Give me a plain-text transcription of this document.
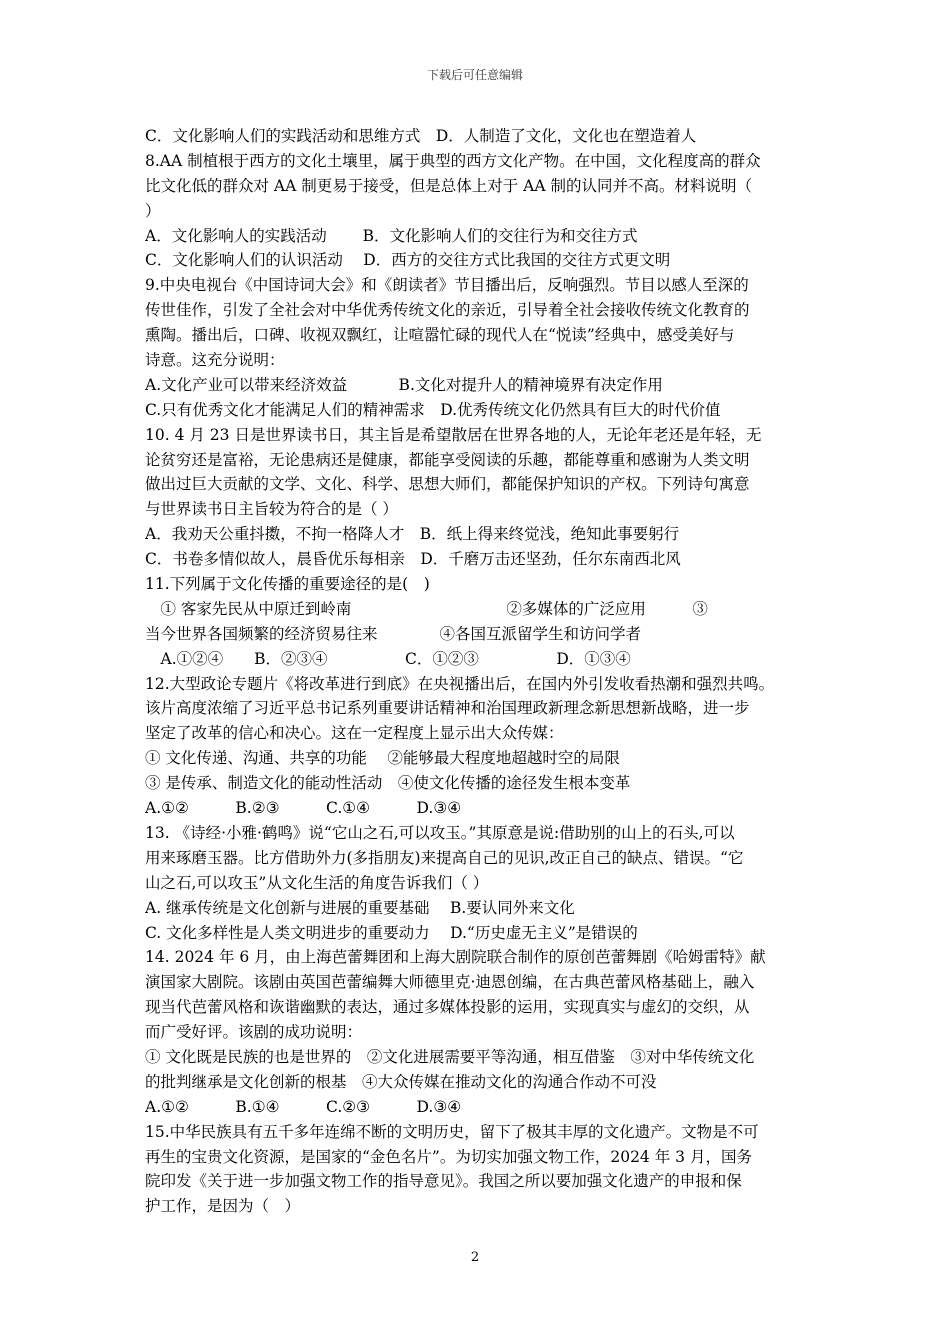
下载后可任意编辑
C．文化影响人们的实践活动和思维方式　D．人制造了文化，文化也在塑造着人
8.AA 制植根于西方的文化土壤里，属于典型的西方文化产物。在中国，文化程度高的群众
比文化低的群众对 AA 制更易于接受，但是总体上对于 AA 制的认同并不高。材料说明（
）
A．文化影响人的实践活动　　 B．文化影响人们的交往行为和交往方式
C．文化影响人们的认识活动　 D．西方的交往方式比我国的交往方式更文明
9.中央电视台《中国诗词大会》和《朗读者》节目播出后，反响强烈。节目以感人至深的
传世佳作，引发了全社会对中华优秀传统文化的亲近，引导着全社会接收传统文化教育的
熏陶。播出后，口碑、收视双飘红，让喧嚣忙碌的现代人在“悦读”经典中，感受美好与
诗意。这充分说明：
A.文化产业可以带来经济效益　　　 B.文化对提升人的精神境界有决定作用
C.只有优秀文化才能满足人们的精神需求　D.优秀传统文化仍然具有巨大的时代价值
10. 4 月 23 日是世界读书日，其主旨是希望散居在世界各地的人，无论年老还是年轻，无
论贫穷还是富裕，无论患病还是健康，都能享受阅读的乐趣，都能尊重和感谢为人类文明
做出过巨大贡献的文学、文化、科学、思想大师们，都能保护知识的产权。下列诗句寓意
与世界读书日主旨较为符合的是（ ）
A．我劝天公重抖擞，不拘一格降人才　B．纸上得来终觉浅，绝知此事要躬行
C．书卷多情似故人，晨昏优乐每相亲　D．千磨万击还坚劲，任尔东南西北风
11.下列属于文化传播的重要途径的是(　)
　① 客家先民从中原迁到岭南　　　　　　　　　　②多媒体的广泛应用　　　③
当今世界各国频繁的经济贸易往来　　　　④各国互派留学生和访问学者
　A.①②④　　B．②③④　　　　　C．①②③　　　　　D．①③④
12.大型政论专题片《将改革进行到底》在央视播出后，在国内外引发收看热潮和强烈共鸣。
该片高度浓缩了习近平总书记系列重要讲话精神和治国理政新理念新思想新战略，进一步
坚定了改革的信心和决心。这在一定程度上显示出大众传媒：
① 文化传递、沟通、共享的功能　 ②能够最大程度地超越时空的局限
③ 是传承、制造文化的能动性活动　④使文化传播的途径发生根本变革
A.①②　　　B.②③　　　C.①④　　　D.③④
13. 《诗经·小雅·鹤鸣》说“它山之石,可以攻玉。”其原意是说:借助别的山上的石头,可以
用来琢磨玉器。比方借助外力(多指朋友)来提高自己的见识,改正自己的缺点、错误。“它
山之石,可以攻玉”从文化生活的角度告诉我们（ ）
A. 继承传统是文化创新与进展的重要基础　 B.要认同外来文化
C. 文化多样性是人类文明进步的重要动力　 D.“历史虚无主义”是错误的
14. 2024 年 6 月，由上海芭蕾舞团和上海大剧院联合制作的原创芭蕾舞剧《哈姆雷特》献
演国家大剧院。该剧由英国芭蕾编舞大师德里克·迪恩创编，在古典芭蕾风格基础上，融入
现当代芭蕾风格和诙谐幽默的表达，通过多媒体投影的运用，实现真实与虚幻的交织，从
而广受好评。该剧的成功说明：
① 文化既是民族的也是世界的　②文化进展需要平等沟通，相互借鉴　③对中华传统文化
的批判继承是文化创新的根基　④大众传媒在推动文化的沟通合作动不可没
A.①②　　　B.①④　　　C.②③　　　D.③④
15.中华民族具有五千多年连绵不断的文明历史，留下了极其丰厚的文化遗产。文物是不可
再生的宝贵文化资源，是国家的“金色名片”。为切实加强文物工作，2024 年 3 月，国务
院印发《关于进一步加强文物工作的指导意见》。我国之所以要加强文化遗产的申报和保
护工作，是因为（　）
2
